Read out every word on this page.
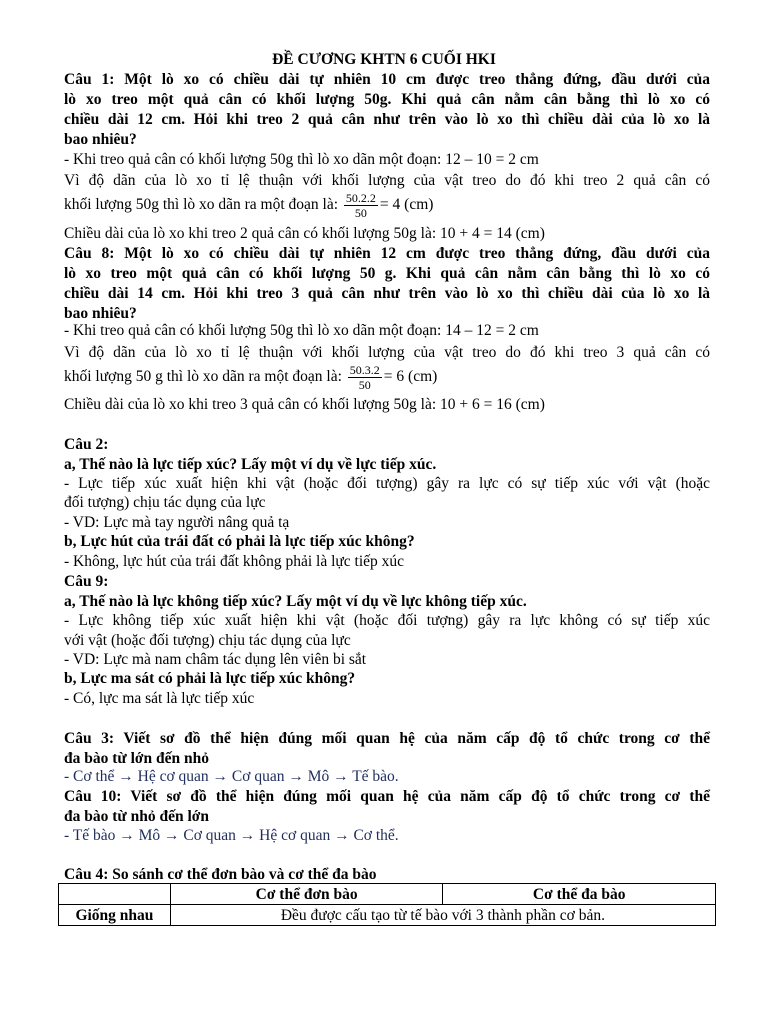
ĐỀ CƯƠNG KHTN 6 CUỐI HKI
Câu 1: Một lò xo có chiều dài tự nhiên 10 cm được treo thẳng đứng, đầu dưới của
lò xo treo một quả cân có khối lượng 50g. Khi quả cân nằm cân bằng thì lò xo có
chiều dài 12 cm. Hỏi khi treo 2 quả cân như trên vào lò xo thì chiều dài của lò xo là
bao nhiêu?
- Khi treo quả cân có khối lượng 50g thì lò xo dãn một đoạn: 12 – 10 = 2 cm
Vì độ dãn của lò xo tỉ lệ thuận với khối lượng của vật treo do đó khi treo 2 quả cân có
khối lượng 50g thì lò xo dãn ra một đoạn là: $\frac{50.2.2}{50} = 4$ (cm)
Chiều dài của lò xo khi treo 2 quả cân có khối lượng 50g là: 10 + 4 = 14 (cm)
Câu 8: Một lò xo có chiều dài tự nhiên 12 cm được treo thẳng đứng, đầu dưới của
lò xo treo một quả cân có khối lượng 50 g. Khi quả cân nằm cân bằng thì lò xo có
chiều dài 14 cm. Hỏi khi treo 3 quả cân như trên vào lò xo thì chiều dài của lò xo là
bao nhiêu?
- Khi treo quả cân có khối lượng 50g thì lò xo dãn một đoạn: 14 – 12 = 2 cm
Vì độ dãn của lò xo tỉ lệ thuận với khối lượng của vật treo do đó khi treo 3 quả cân có
khối lượng 50 g thì lò xo dãn ra một đoạn là: $\frac{50.3.2}{50} = 6$ (cm)
Chiều dài của lò xo khi treo 3 quả cân có khối lượng 50g là: 10 + 6 = 16 (cm)
Câu 2:
a, Thế nào là lực tiếp xúc? Lấy một ví dụ về lực tiếp xúc.
- Lực tiếp xúc xuất hiện khi vật (hoặc đối tượng) gây ra lực có sự tiếp xúc với vật (hoặc
đối tượng) chịu tác dụng của lực
- VD: Lực mà tay người nâng quả tạ
b, Lực hút của trái đất có phải là lực tiếp xúc không?
- Không, lực hút của trái đất không phải là lực tiếp xúc
Câu 9:
a, Thế nào là lực không tiếp xúc? Lấy một ví dụ về lực không tiếp xúc.
- Lực không tiếp xúc xuất hiện khi vật (hoặc đối tượng) gây ra lực không có sự tiếp xúc
với vật (hoặc đối tượng) chịu tác dụng của lực
- VD: Lực mà nam châm tác dụng lên viên bi sắt
b, Lực ma sát có phải là lực tiếp xúc không?
- Có, lực ma sát là lực tiếp xúc
Câu 3: Viết sơ đồ thể hiện đúng mối quan hệ của năm cấp độ tổ chức trong cơ thể
đa bào từ lớn đến nhỏ
- Cơ thể → Hệ cơ quan → Cơ quan → Mô → Tế bào.
Câu 10: Viết sơ đồ thể hiện đúng mối quan hệ của năm cấp độ tổ chức trong cơ thể
đa bào từ nhỏ đến lớn
- Tế bào → Mô → Cơ quan → Hệ cơ quan → Cơ thể.
Câu 4: So sánh cơ thể đơn bào và cơ thể đa bào
	Cơ thể đơn bào	Cơ thể đa bào
Giống nhau	Đều được cấu tạo từ tế bào với 3 thành phần cơ bản.	
